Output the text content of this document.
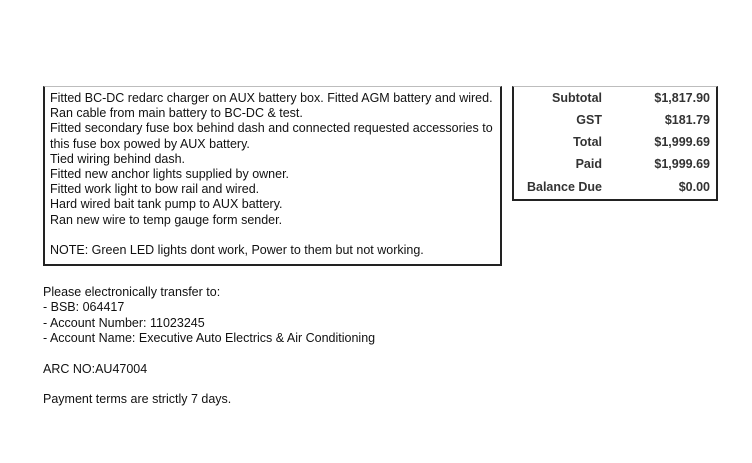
Fitted BC-DC redarc charger on AUX battery box. Fitted AGM battery and wired.
Ran cable from main battery to BC-DC & test.
Fitted secondary fuse box behind dash and connected requested accessories to
this fuse box powed by AUX battery.
Tied wiring behind dash.
Fitted new anchor lights supplied by owner.
Fitted work light to bow rail and wired.
Hard wired bait tank pump to AUX battery.
Ran new wire to temp gauge form sender.
NOTE: Green LED lights dont work, Power to them but not working.
Subtotal	$1,817.90
GST	$181.79
Total	$1,999.69
Paid	$1,999.69
Balance Due	$0.00
Please electronically transfer to:
- BSB: 064417
- Account Number: 11023245
- Account Name: Executive Auto Electrics & Air Conditioning
ARC NO:AU47004
Payment terms are strictly 7 days.
